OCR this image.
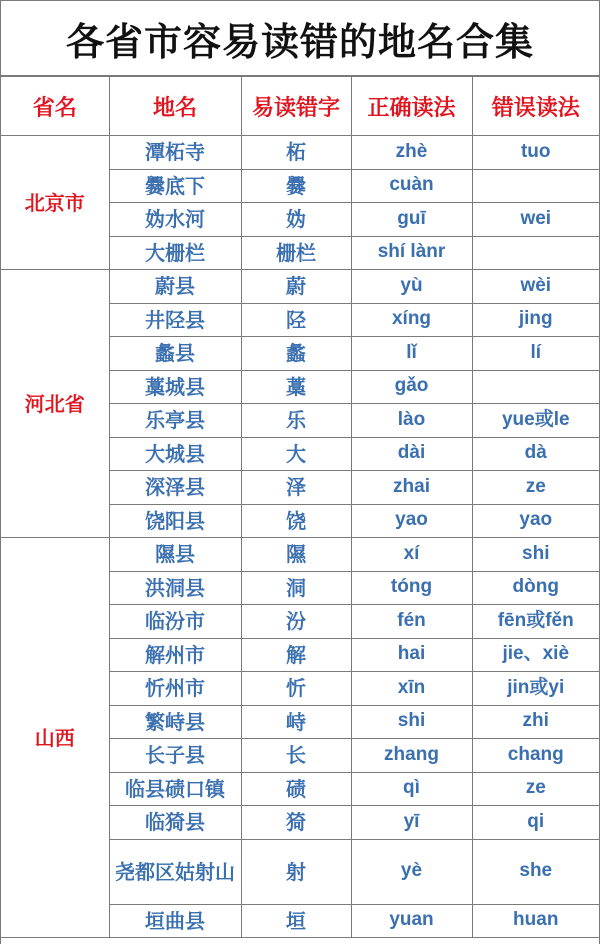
各省市容易读错的地名合集
省名	地名	易读错字	正确读法	错误读法
北京市	潭柘寺	柘	zhè	tuo
	爨底下	爨	cuàn	
	妫水河	妫	guī	wei
	大栅栏	栅栏	shí lànr	
河北省	蔚县	蔚	yù	wèi
	井陉县	陉	xíng	jing
	蠡县	蠡	lǐ	lí
	藁城县	藁	gǎo	
	乐亭县	乐	lào	yue或le
	大城县	大	dài	dà
	深泽县	泽	zhai	ze
	饶阳县	饶	yao	yao
山西	隰县	隰	xí	shi
	洪洞县	洞	tóng	dòng
	临汾市	汾	fén	fēn或fěn
	解州市	解	hai	jie、xiè
	忻州市	忻	xīn	jin或yi
	繁峙县	峙	shi	zhi
	长子县	长	zhang	chang
	临县碛口镇	碛	qì	ze
	临猗县	猗	yī	qi
	尧都区姑射山	射	yè	she
	垣曲县	垣	yuan	huan
